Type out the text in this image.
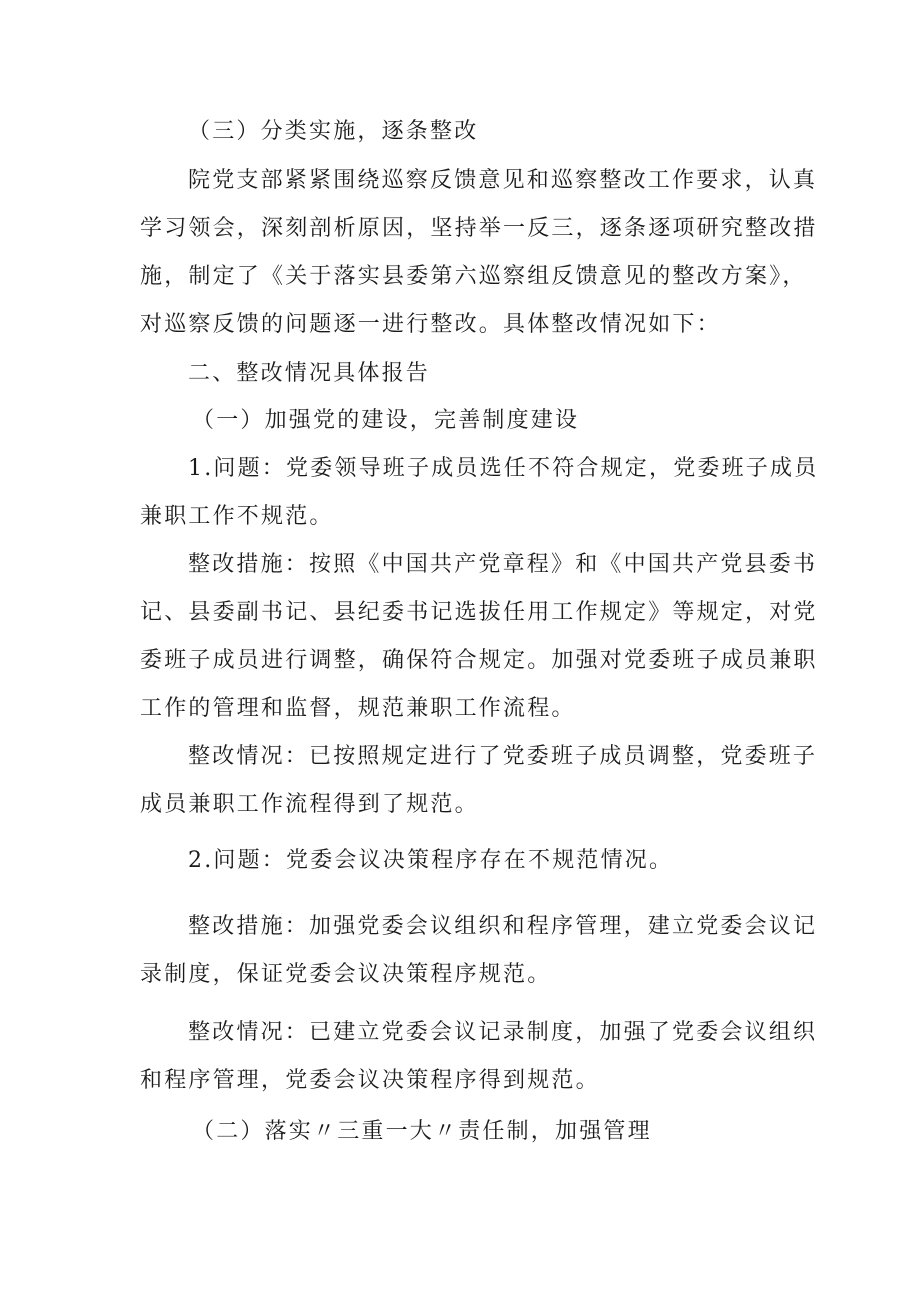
（三）分类实施，逐条整改
院党支部紧紧围绕巡察反馈意见和巡察整改工作要求，认真
学习领会，深刻剖析原因，坚持举一反三，逐条逐项研究整改措
施，制定了《关于落实县委第六巡察组反馈意见的整改方案》，
对巡察反馈的问题逐一进行整改。具体整改情况如下：
二、整改情况具体报告
（一）加强党的建设，完善制度建设
1.问题：党委领导班子成员选任不符合规定，党委班子成员
兼职工作不规范。
整改措施：按照《中国共产党章程》和《中国共产党县委书
记、县委副书记、县纪委书记选拔任用工作规定》等规定，对党
委班子成员进行调整，确保符合规定。加强对党委班子成员兼职
工作的管理和监督，规范兼职工作流程。
整改情况：已按照规定进行了党委班子成员调整，党委班子
成员兼职工作流程得到了规范。
2.问题：党委会议决策程序存在不规范情况。
整改措施：加强党委会议组织和程序管理，建立党委会议记
录制度，保证党委会议决策程序规范。
整改情况：已建立党委会议记录制度，加强了党委会议组织
和程序管理，党委会议决策程序得到规范。
（二）落实〃三重一大〃责任制，加强管理
